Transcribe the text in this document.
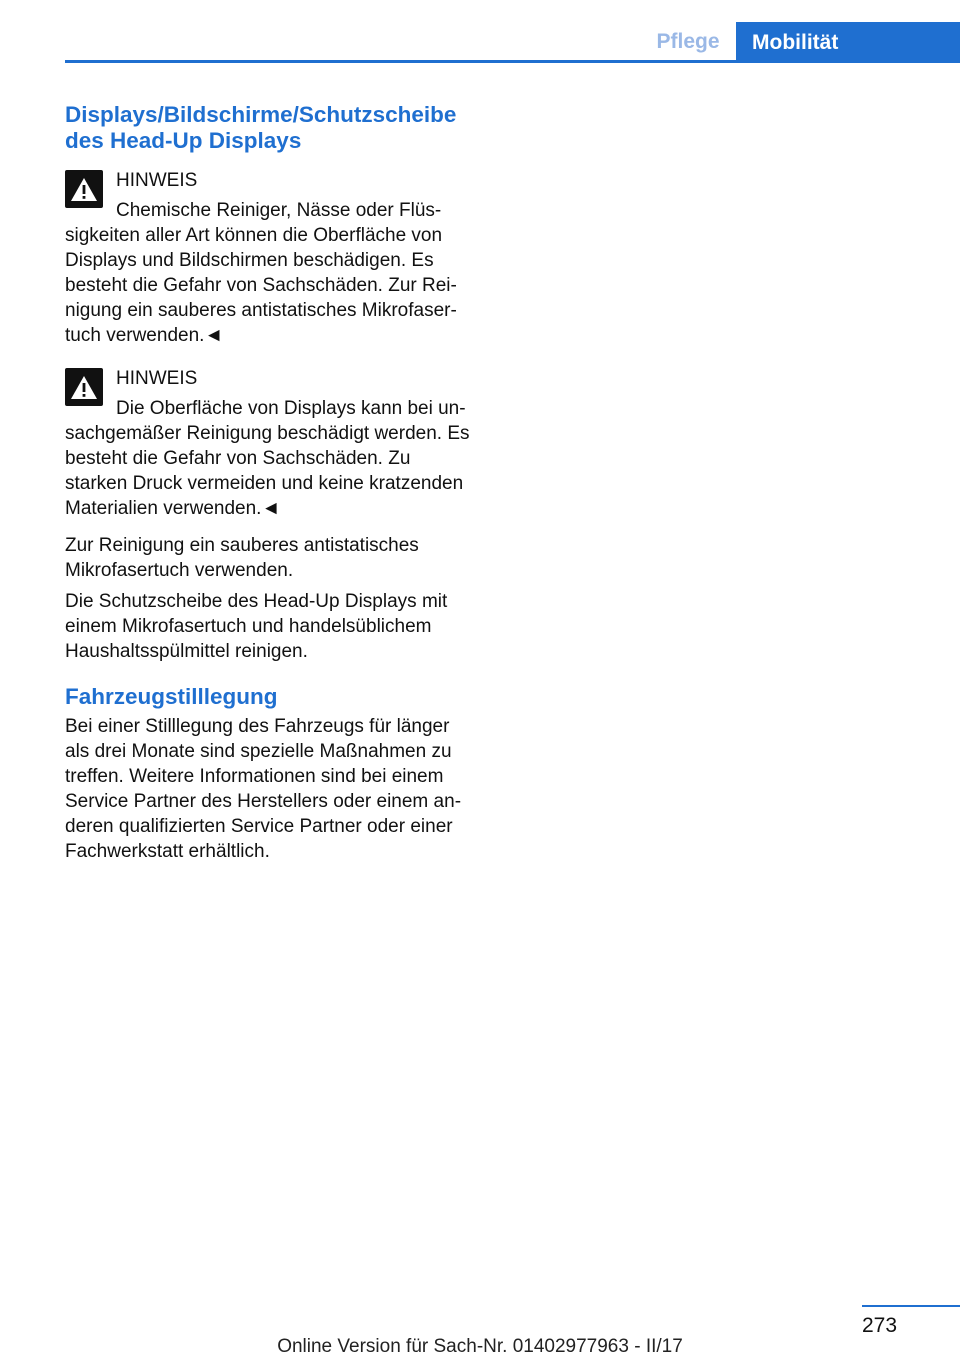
Pflege	Mobilität
Displays/Bildschirme/Schutzscheibe
des Head-Up Displays

HINWEIS

Chemische Reiniger, Nässe oder Flüssigkeiten aller Art können die Oberfläche von Displays und Bildschirmen beschädigen. Es besteht die Gefahr von Sachschäden. Zur Reinigung ein sauberes antistatisches Mikrofasertuch verwenden.◄

HINWEIS

Die Oberfläche von Displays kann bei unsachgemäßer Reinigung beschädigt werden. Es besteht die Gefahr von Sachschäden. Zu starken Druck vermeiden und keine kratzenden Materialien verwenden.◄

Zur Reinigung ein sauberes antistatisches Mikrofasertuch verwenden.

Die Schutzscheibe des Head-Up Displays mit einem Mikrofasertuch und handelsüblichem Haushaltsspülmittel reinigen.

Fahrzeugstilllegung

Bei einer Stilllegung des Fahrzeugs für länger als drei Monate sind spezielle Maßnahmen zu treffen. Weitere Informationen sind bei einem Service Partner des Herstellers oder einem anderen qualifizierten Service Partner oder einer Fachwerkstatt erhältlich.

273
Online Version für Sach-Nr. 01402977963 - II/17
